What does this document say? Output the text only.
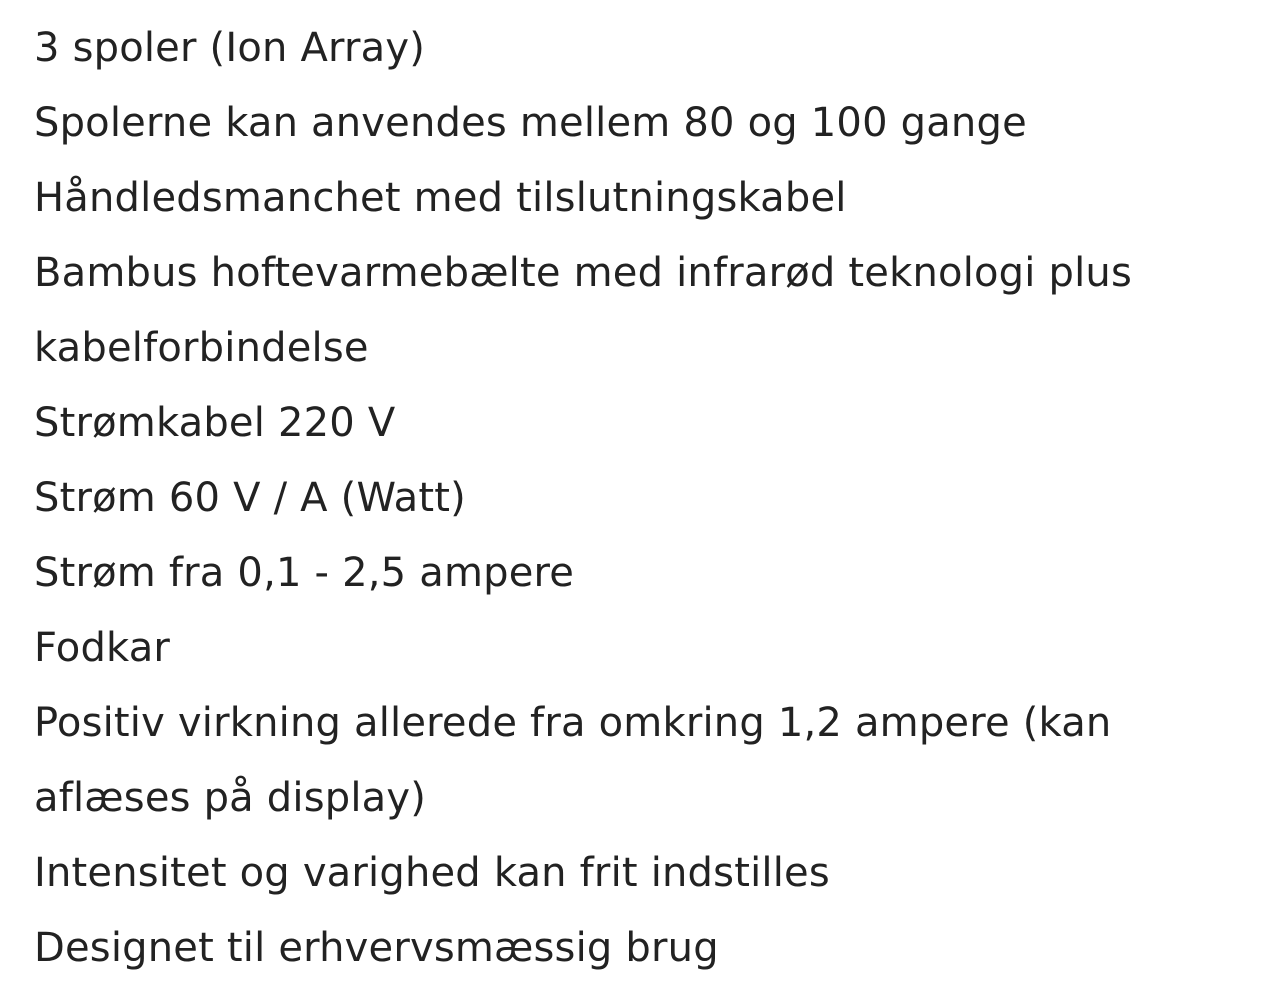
3 spoler (Ion Array)
Spolerne kan anvendes mellem 80 og 100 gange
Håndledsmanchet med tilslutningskabel
Bambus hoftevarmebælte med infrarød teknologi plus
kabelforbindelse
Strømkabel 220 V
Strøm 60 V / A (Watt)
Strøm fra 0,1 - 2,5 ampere
Fodkar
Positiv virkning allerede fra omkring 1,2 ampere (kan
aflæses på display)
Intensitet og varighed kan frit indstilles
Designet til erhvervsmæssig brug
